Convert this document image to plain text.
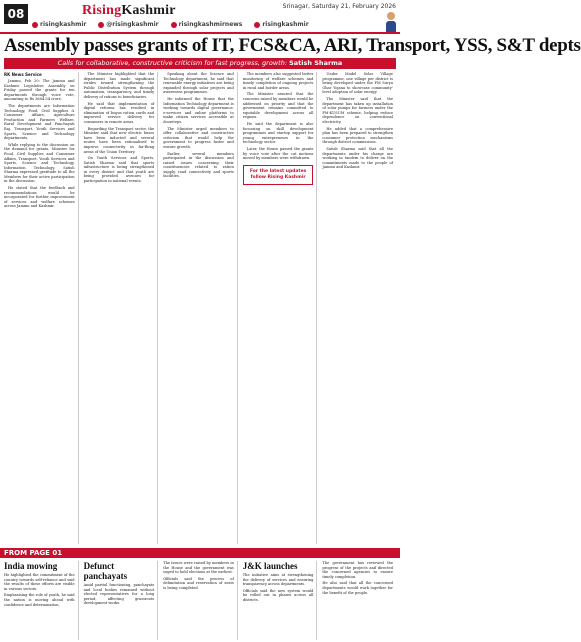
08	RisingKashmir
risingkashmir	@risingkashmir	risingkashmirnews	risingkashmir
Srinagar, Saturday 21, February 2026
Assembly passes grants of IT, FCS&CA, ARI, Transport, YSS, S&T depts
Calls for collaborative, constructive criticism for fast progress, growth: Satish Sharma

RK News Service

Jammu, Feb 20: The Jammu and Kashmir Legislative Assembly on Friday passed the grants for ten departments through voice vote, amounting to Rs 3604.54 crore.

The departments are Information Technology, Food, Civil Supplies & Consumer Affairs, Agriculture Production and Farmers Welfare, Rural Development and Panchayati Raj, Transport, Youth Services and Sports, Science and Technology departments.

While replying to the discussion on the demand for grants, Minister for Food, Civil Supplies and Consumer Affairs, Transport, Youth Services and Sports, Science and Technology, Information Technology, Satish Sharma expressed gratitude to all the Members for their active participation in the discussion.

He stated that the feedback and recommendations would be incorporated for further improvement of services and welfare schemes across Jammu and Kashmir.

The Minister highlighted that the department has made significant strides toward strengthening the Public Distribution System through automation, transparency, and timely delivery of rations to beneficiaries.

He said that implementation of digital reforms has resulted in elimination of bogus ration cards and improved service delivery for consumers in remote areas.

Regarding the Transport sector, the Minister said that new electric buses have been inducted and several routes have been rationalised to improve connectivity in far-flung areas of the Union Territory.

On Youth Services and Sports, Satish Sharma said that sports infrastructure is being strengthened in every district and that youth are being provided avenues for participation in national events.

Speaking about the Science and Technology department, he said that renewable energy initiatives are being expanded through solar projects and awareness programmes.

He informed the House that the Information Technology department is working towards digital governance, e-services and online platforms to make citizen services accessible at doorsteps.

The Minister urged members to offer collaborative and constructive criticism that would help the government to progress faster and ensure growth.

Earlier, several members participated in the discussion and raised issues concerning their constituencies related to ration supply, road connectivity and sports facilities.

The members also suggested better monitoring of welfare schemes and timely completion of ongoing projects in rural and border areas.

The Minister assured that the concerns raised by members would be addressed on priority and that the government remains committed to equitable development across all regions.

He said the department is also focussing on skill development programmes and startup support for young entrepreneurs in the technology sector.

Later, the House passed the grants by voice vote after the cut motions moved by members were withdrawn.

For the latest updates follow Rising Kashmir

Under Model Solar Village programme, one village per district is being developed under the PM Surya Ghar Yojana to showcase community-level adoption of solar energy.

The Minister said that the department has taken up installation of solar pumps for farmers under the PM-KUSUM scheme, helping reduce dependence on conventional electricity.

He added that a comprehensive plan has been prepared to strengthen consumer protection mechanisms through district commissions.

Satish Sharma said that all the departments under his charge are working in tandem to deliver on the commitments made to the people of Jammu and Kashmir.

FROM PAGE 01
India mowing

He highlighted the commitment of the country towards self-reliance and said the results of these efforts are visible in various sectors.

Emphasising the role of youth, he said the nation is moving ahead with confidence and determination.

Defunct panchayats

Amid partial functioning, panchayats and local bodies remained without elected representatives for a long period, affecting grassroots development works.

The issues were raised by members in the House and the government was urged to hold elections at the earliest.

Officials said the process of delimitation and reservation of seats is being completed.

J&K launches

The initiative aims at strengthening the delivery of services and ensuring transparency across departments.

Officials said the new system would be rolled out in phases across all districts.

The government has reviewed the progress of the projects and directed the concerned agencies to ensure timely completion.

He also said that all the concerned departments would work together for the benefit of the people.
